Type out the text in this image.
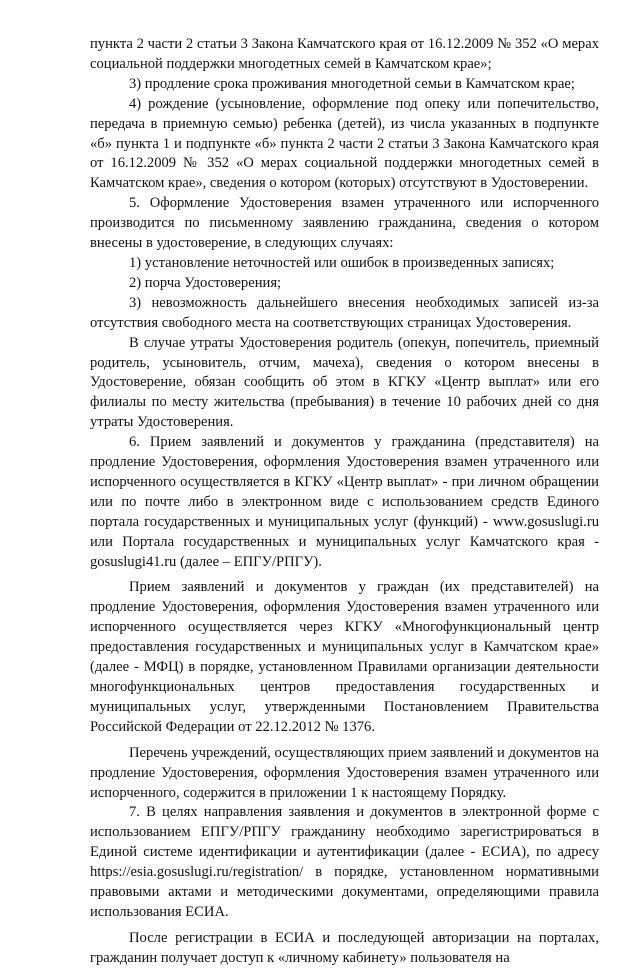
пункта 2 части 2 статьи 3 Закона Камчатского края от 16.12.2009 № 352 «О мерах социальной поддержки многодетных семей в Камчатском крае»;

3) продление срока проживания многодетной семьи в Камчатском крае;

4) рождение (усыновление, оформление под опеку или попечительство, передача в приемную семью) ребенка (детей), из числа указанных в подпункте «б» пункта 1 и подпункте «б» пункта 2 части 2 статьи 3 Закона Камчатского края от 16.12.2009 № 352 «О мерах социальной поддержки многодетных семей в Камчатском крае», сведения о котором (которых) отсутствуют в Удостоверении.

5. Оформление Удостоверения взамен утраченного или испорченного производится по письменному заявлению гражданина, сведения о котором внесены в удостоверение, в следующих случаях:

1) установление неточностей или ошибок в произведенных записях;

2) порча Удостоверения;

3) невозможность дальнейшего внесения необходимых записей из-за отсутствия свободного места на соответствующих страницах Удостоверения.

В случае утраты Удостоверения родитель (опекун, попечитель, приемный родитель, усыновитель, отчим, мачеха), сведения о котором внесены в Удостоверение, обязан сообщить об этом в КГКУ «Центр выплат» или его филиалы по месту жительства (пребывания) в течение 10 рабочих дней со дня утраты Удостоверения.

6. Прием заявлений и документов у гражданина (представителя) на продление Удостоверения, оформления Удостоверения взамен утраченного или испорченного осуществляется в КГКУ «Центр выплат» - при личном обращении или по почте либо в электронном виде с использованием средств Единого портала государственных и муниципальных услуг (функций) - www.gosuslugi.ru или Портала государственных и муниципальных услуг Камчатского края - gosuslugi41.ru (далее – ЕПГУ/РПГУ).

Прием заявлений и документов у граждан (их представителей) на продление Удостоверения, оформления Удостоверения взамен утраченного или испорченного осуществляется через КГКУ «Многофункциональный центр предоставления государственных и муниципальных услуг в Камчатском крае» (далее - МФЦ) в порядке, установленном Правилами организации деятельности многофункциональных центров предоставления государственных и муниципальных услуг, утвержденными Постановлением Правительства Российской Федерации от 22.12.2012 № 1376.

Перечень учреждений, осуществляющих прием заявлений и документов на продление Удостоверения, оформления Удостоверения взамен утраченного или испорченного, содержится в приложении 1 к настоящему Порядку.

7. В целях направления заявления и документов в электронной форме с использованием ЕПГУ/РПГУ гражданину необходимо зарегистрироваться в Единой системе идентификации и аутентификации (далее - ЕСИА), по адресу https://esia.gosuslugi.ru/registration/ в порядке, установленном нормативными правовыми актами и методическими документами, определяющими правила использования ЕСИА.

После регистрации в ЕСИА и последующей авторизации на порталах, гражданин получает доступ к «личному кабинету» пользователя на
